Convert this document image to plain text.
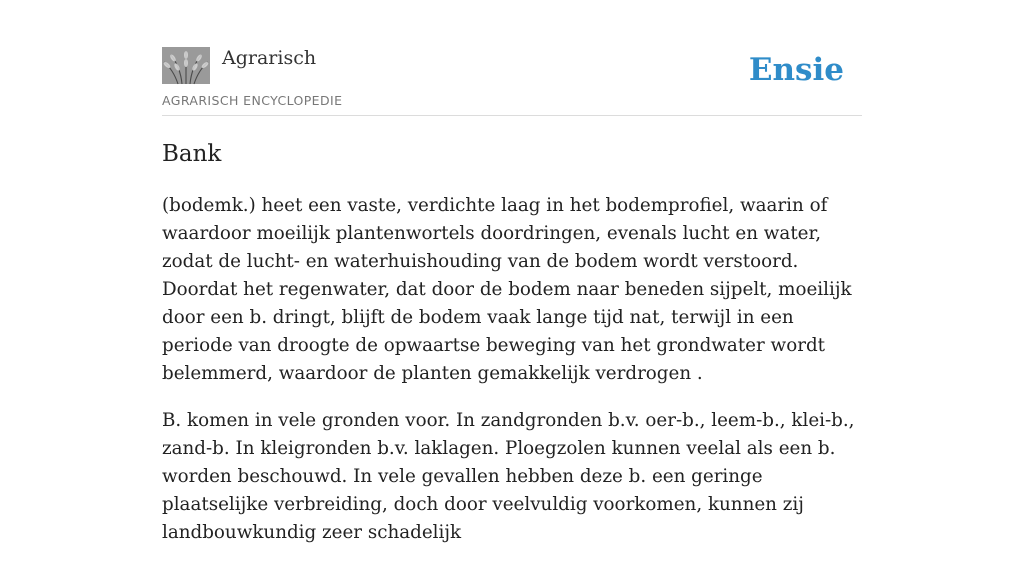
Agrarisch
AGRARISCH ENCYCLOPEDIE
Ensie
Bank

(bodemk.) heet een vaste, verdichte laag in het bodemprofiel, waarin of waardoor moeilijk plantenwortels doordringen, evenals lucht en water, zodat de lucht- en waterhuishouding van de bodem wordt verstoord. Doordat het regenwater, dat door de bodem naar beneden sijpelt, moeilijk door een b. dringt, blijft de bodem vaak lange tijd nat, terwijl in een periode van droogte de opwaartse beweging van het grondwater wordt belemmerd, waardoor de planten gemakkelijk verdrogen .

B. komen in vele gronden voor. In zandgronden b.v. oer-b., leem-b., klei-b., zand-b. In kleigronden b.v. laklagen. Ploegzolen kunnen veelal als een b. worden beschouwd. In vele gevallen hebben deze b. een geringe plaatselijke verbreiding, doch door veelvuldig voorkomen, kunnen zij landbouwkundig zeer schadelijk
